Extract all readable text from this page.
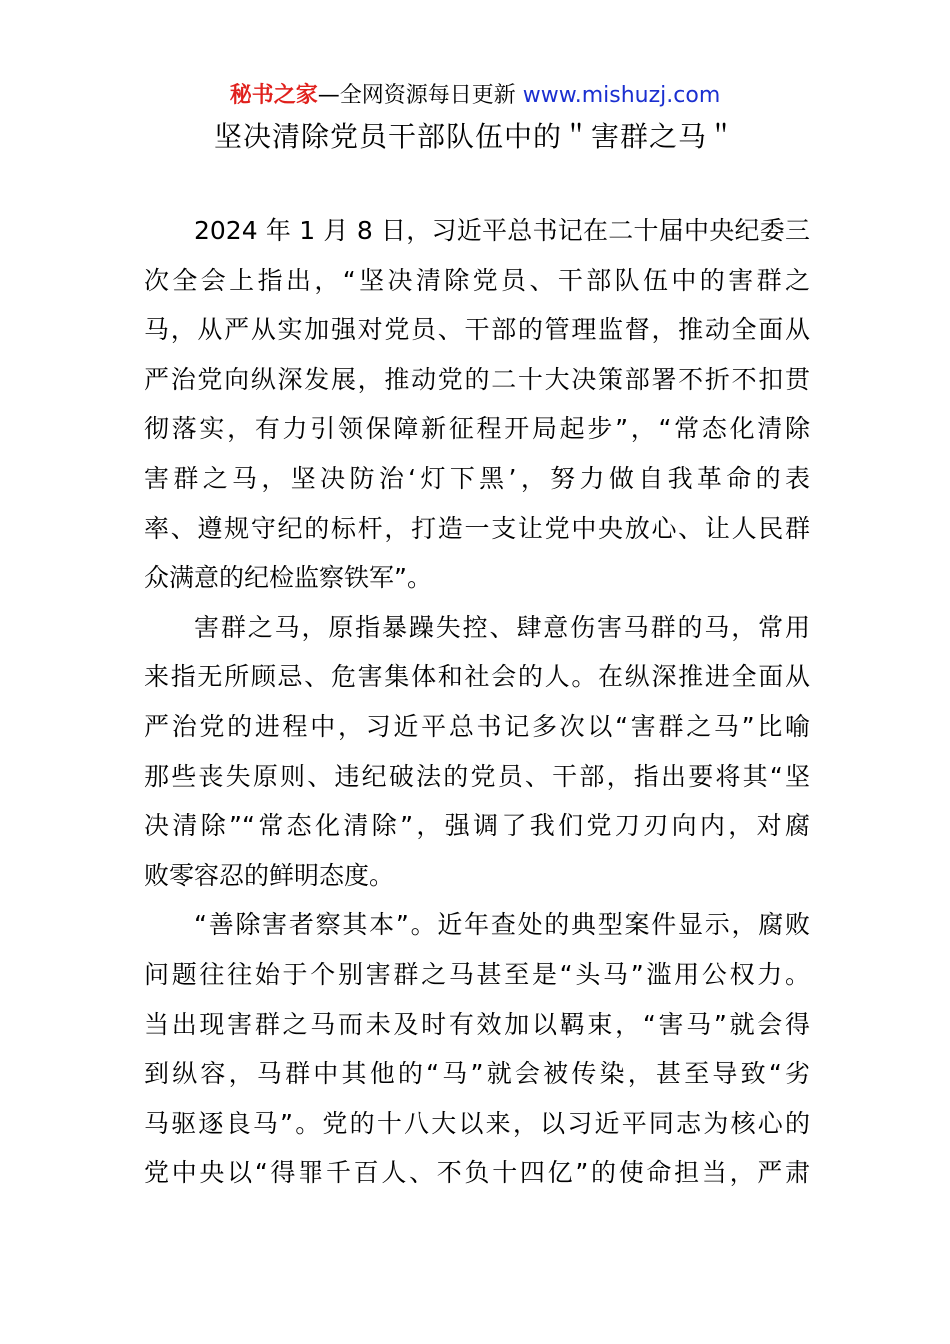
秘书之家—全网资源每日更新 www.mishuzj.com
坚决清除党员干部队伍中的＂害群之马＂
2024 年 1 月 8 日，习近平总书记在二十届中央纪委三
次全会上指出，“坚决清除党员、干部队伍中的害群之
马，从严从实加强对党员、干部的管理监督，推动全面从
严治党向纵深发展，推动党的二十大决策部署不折不扣贯
彻落实，有力引领保障新征程开局起步”，“常态化清除
害群之马，坚决防治‘灯下黑’，努力做自我革命的表
率、遵规守纪的标杆，打造一支让党中央放心、让人民群
众满意的纪检监察铁军”。
害群之马，原指暴躁失控、肆意伤害马群的马，常用
来指无所顾忌、危害集体和社会的人。在纵深推进全面从
严治党的进程中，习近平总书记多次以“害群之马”比喻
那些丧失原则、违纪破法的党员、干部，指出要将其“坚
决清除”“常态化清除”，强调了我们党刀刃向内，对腐
败零容忍的鲜明态度。
“善除害者察其本”。近年查处的典型案件显示，腐败
问题往往始于个别害群之马甚至是“头马”滥用公权力。
当出现害群之马而未及时有效加以羁束，“害马”就会得
到纵容，马群中其他的“马”就会被传染，甚至导致“劣
马驱逐良马”。党的十八大以来，以习近平同志为核心的
党中央以“得罪千百人、不负十四亿”的使命担当，严肃
